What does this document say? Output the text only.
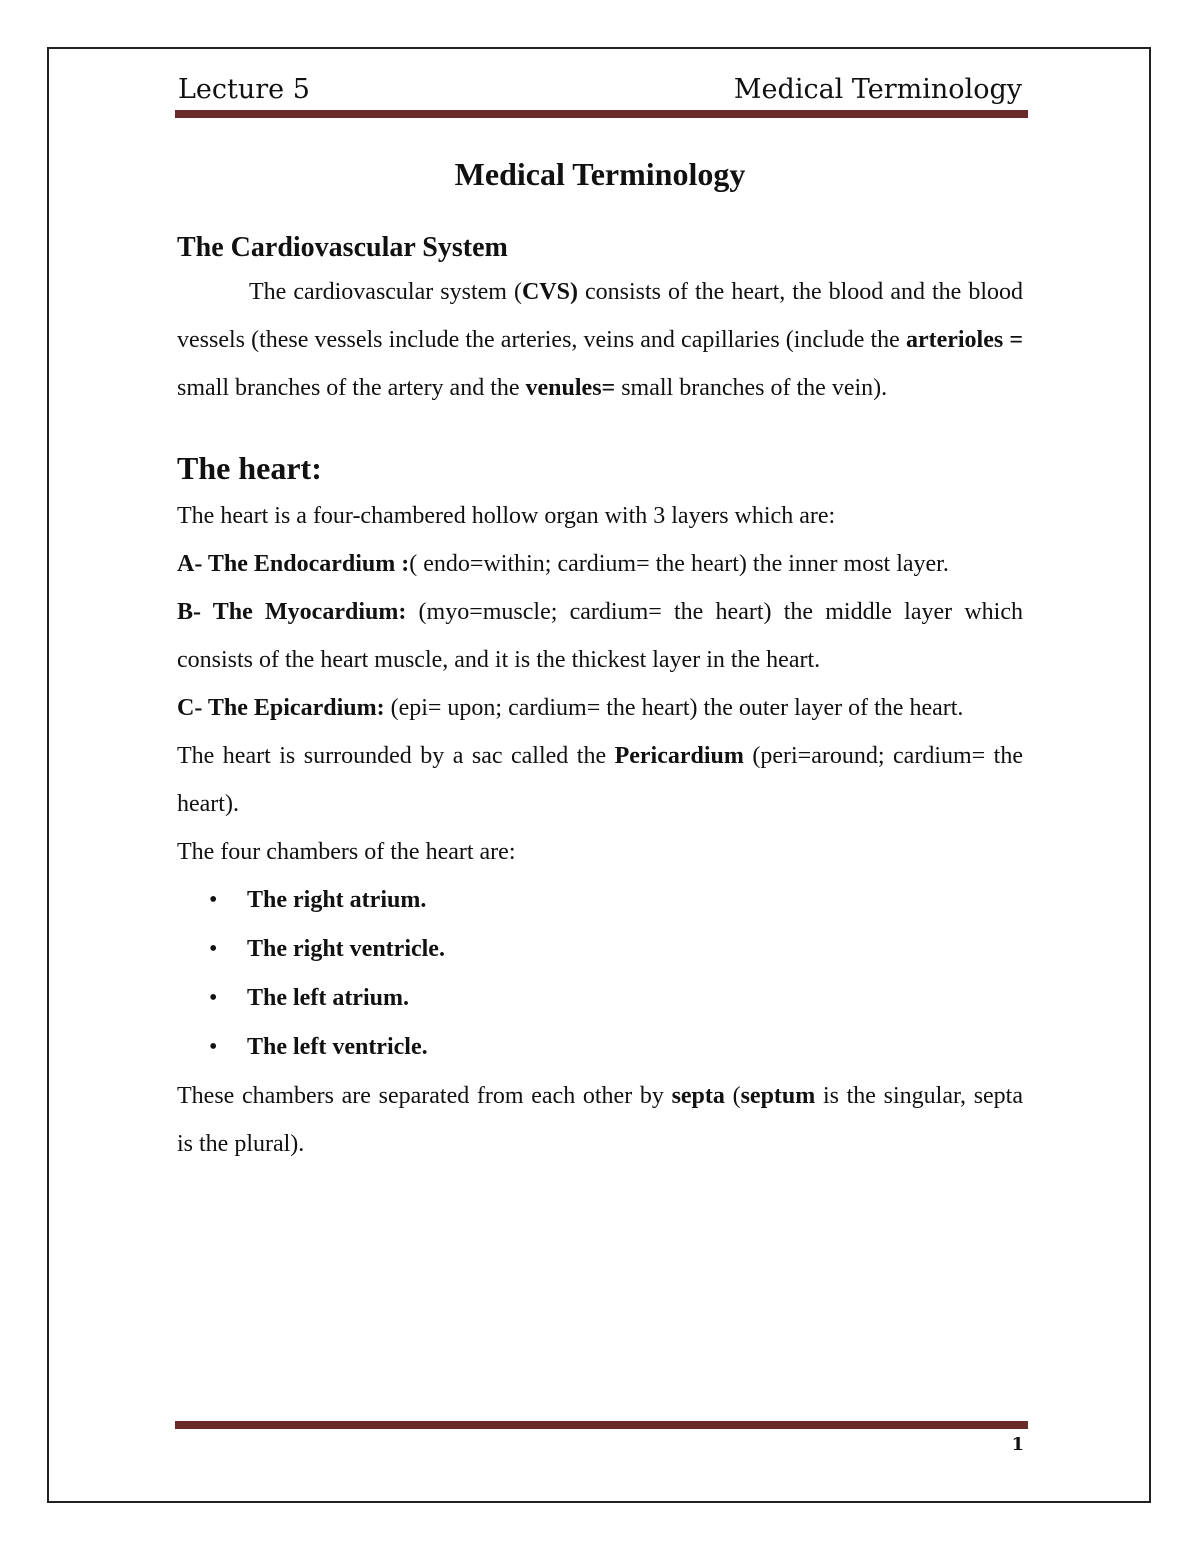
Lecture 5	Medical Terminology
Medical Terminology
The Cardiovascular System

The cardiovascular system (CVS) consists of the heart, the blood and the blood vessels (these vessels include the arteries, veins and capillaries (include the arterioles = small branches of the artery and the venules= small branches of the vein).

The heart:

The heart is a four-chambered hollow organ with 3 layers which are:

A- The Endocardium :( endo=within; cardium= the heart) the inner most layer.

B- The Myocardium: (myo=muscle; cardium= the heart) the middle layer which consists of the heart muscle, and it is the thickest layer in the heart.

C- The Epicardium: (epi= upon; cardium= the heart) the outer layer of the heart.

The heart is surrounded by a sac called the Pericardium (peri=around; cardium= the heart).

The four chambers of the heart are:

• The right atrium.
• The right ventricle.
• The left atrium.
• The left ventricle.

These chambers are separated from each other by septa (septum is the singular, septa is the plural).

1
